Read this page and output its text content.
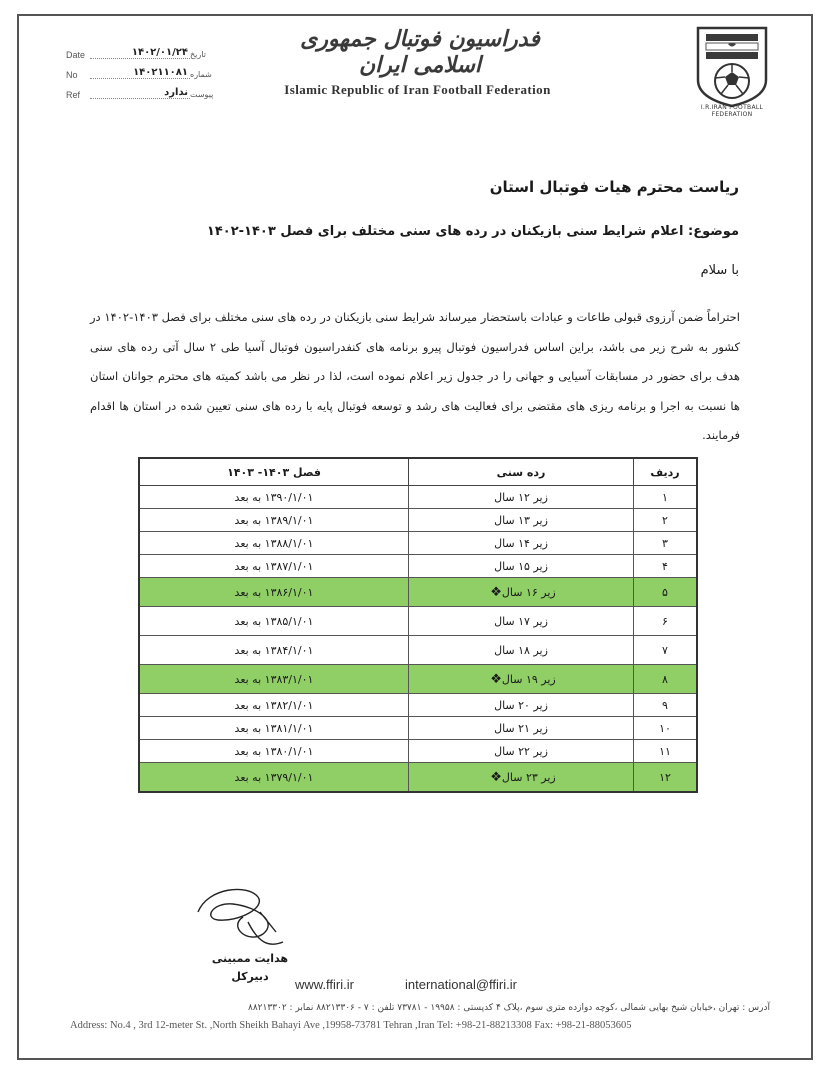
I.R.IRAN FOOTBALL FEDERATION
فدراسیون فوتبال جمهوری اسلامی ایران
Islamic Republic of Iran Football Federation
Date	۱۴۰۲/۰۱/۲۴ تاریخ
No	۱۴۰۲۱۱۰۸۱ شماره
Ref	ندارد پیوست
ریاست محترم هیات فوتبال استان
موضوع: اعلام شرایط سنی بازیکنان در رده های سنی مختلف برای فصل ۱۴۰۳-۱۴۰۲
با سلام
احتراماً ضمن آرزوی قبولی طاعات و عبادات باستحضار میرساند شرایط سنی بازیکنان در رده های سنی مختلف برای فصل ۱۴۰۳-۱۴۰۲ در کشور به شرح زیر می باشد، براین اساس فدراسیون فوتبال پیرو برنامه های کنفدراسیون فوتبال آسیا طی ۲ سال آتی رده های سنی هدف برای حضور در مسابقات آسیایی و جهانی را در جدول زیر اعلام نموده است، لذا در نظر می باشد کمیته های محترم جوانان استان ها نسبت به اجرا و برنامه ریزی های مقتضی برای فعالیت های رشد و توسعه فوتبال پایه با رده های سنی تعیین شده در استان ها اقدام فرمایند.
ردیف	رده سنی	فصل ۱۴۰۳- ۱۴۰۳
۱	زیر ۱۲ سال	۱۳۹۰/۱/۰۱ به بعد
۲	زیر ۱۳ سال	۱۳۸۹/۱/۰۱ به بعد
۳	زیر ۱۴ سال	۱۳۸۸/۱/۰۱ به بعد
۴	زیر ۱۵ سال	۱۳۸۷/۱/۰۱ به بعد
۵	زیر ۱۶ سال❖	۱۳۸۶/۱/۰۱ به بعد
۶	زیر ۱۷ سال	۱۳۸۵/۱/۰۱ به بعد
۷	زیر ۱۸ سال	۱۳۸۴/۱/۰۱ به بعد
۸	زیر ۱۹ سال❖	۱۳۸۳/۱/۰۱ به بعد
۹	زیر ۲۰ سال	۱۳۸۲/۱/۰۱ به بعد
۱۰	زیر ۲۱ سال	۱۳۸۱/۱/۰۱ به بعد
۱۱	زیر ۲۲ سال	۱۳۸۰/۱/۰۱ به بعد
۱۲	زیر ۲۳ سال❖	۱۳۷۹/۱/۰۱ به بعد
هدایت ممبینی
دبیرکل
www.ffiri.ir	international@ffiri.ir
آدرس : تهران ،خیابان شیخ بهایی شمالی ،کوچه دوازده متری سوم ،پلاک ۴ کدپستی : ۱۹۹۵۸ - ۷۳۷۸۱ تلفن : ۷ - ۸۸۲۱۳۳۰۶ نمابر : ۸۸۲۱۳۳۰۲
Address: No.4 , 3rd 12-meter St. ,North Sheikh Bahayi Ave ,19958-73781 Tehran ,Iran Tel: +98-21-88213308 Fax: +98-21-88053605
